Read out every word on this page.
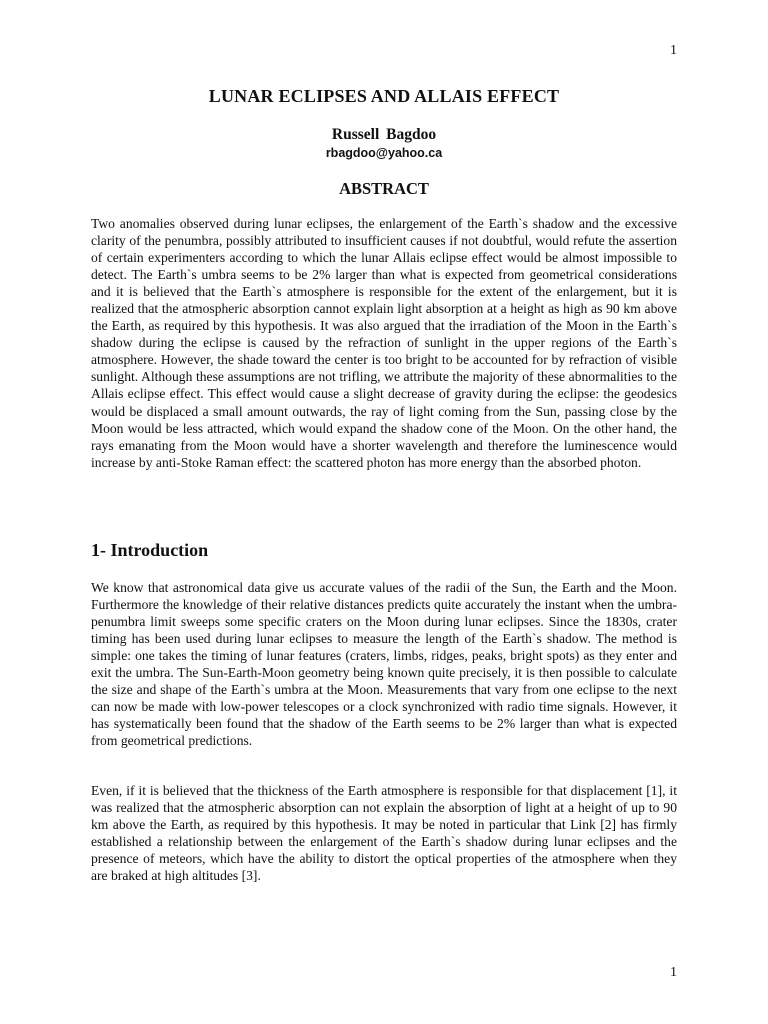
1
LUNAR ECLIPSES AND ALLAIS EFFECT
Russell Bagdoo
rbagdoo@yahoo.ca
ABSTRACT

Two anomalies observed during lunar eclipses, the enlargement of the Earth`s shadow and the excessive clarity of the penumbra, possibly attributed to insufficient causes if not doubtful, would refute the assertion of certain experimenters according to which the lunar Allais eclipse effect would be almost impossible to detect. The Earth`s umbra seems to be 2% larger than what is expected from geometrical considerations and it is believed that the Earth`s atmosphere is responsible for the extent of the enlargement, but it is realized that the atmospheric absorption cannot explain light absorption at a height as high as 90 km above the Earth, as required by this hypothesis. It was also argued that the irradiation of the Moon in the Earth`s shadow during the eclipse is caused by the refraction of sunlight in the upper regions of the Earth`s atmosphere. However, the shade toward the center is too bright to be accounted for by refraction of visible sunlight. Although these assumptions are not trifling, we attribute the majority of these abnormalities to the Allais eclipse effect. This effect would cause a slight decrease of gravity during the eclipse: the geodesics would be displaced a small amount outwards, the ray of light coming from the Sun, passing close by the Moon would be less attracted, which would expand the shadow cone of the Moon. On the other hand, the rays emanating from the Moon would have a shorter wavelength and therefore the luminescence would increase by anti-Stoke Raman effect: the scattered photon has more energy than the absorbed photon.

1- Introduction

We know that astronomical data give us accurate values of the radii of the Sun, the Earth and the Moon. Furthermore the knowledge of their relative distances predicts quite accurately the instant when the umbra-penumbra limit sweeps some specific craters on the Moon during lunar eclipses. Since the 1830s, crater timing has been used during lunar eclipses to measure the length of the Earth`s shadow. The method is simple: one takes the timing of lunar features (craters, limbs, ridges, peaks, bright spots) as they enter and exit the umbra. The Sun-Earth-Moon geometry being known quite precisely, it is then possible to calculate the size and shape of the Earth`s umbra at the Moon. Measurements that vary from one eclipse to the next can now be made with low-power telescopes or a clock synchronized with radio time signals. However, it has systematically been found that the shadow of the Earth seems to be 2% larger than what is expected from geometrical predictions.

Even, if it is believed that the thickness of the Earth atmosphere is responsible for that displacement [1], it was realized that the atmospheric absorption can not explain the absorption of light at a height of up to 90 km above the Earth, as required by this hypothesis. It may be noted in particular that Link [2] has firmly established a relationship between the enlargement of the Earth`s shadow during lunar eclipses and the presence of meteors, which have the ability to distort the optical properties of the atmosphere when they are braked at high altitudes [3].

1
